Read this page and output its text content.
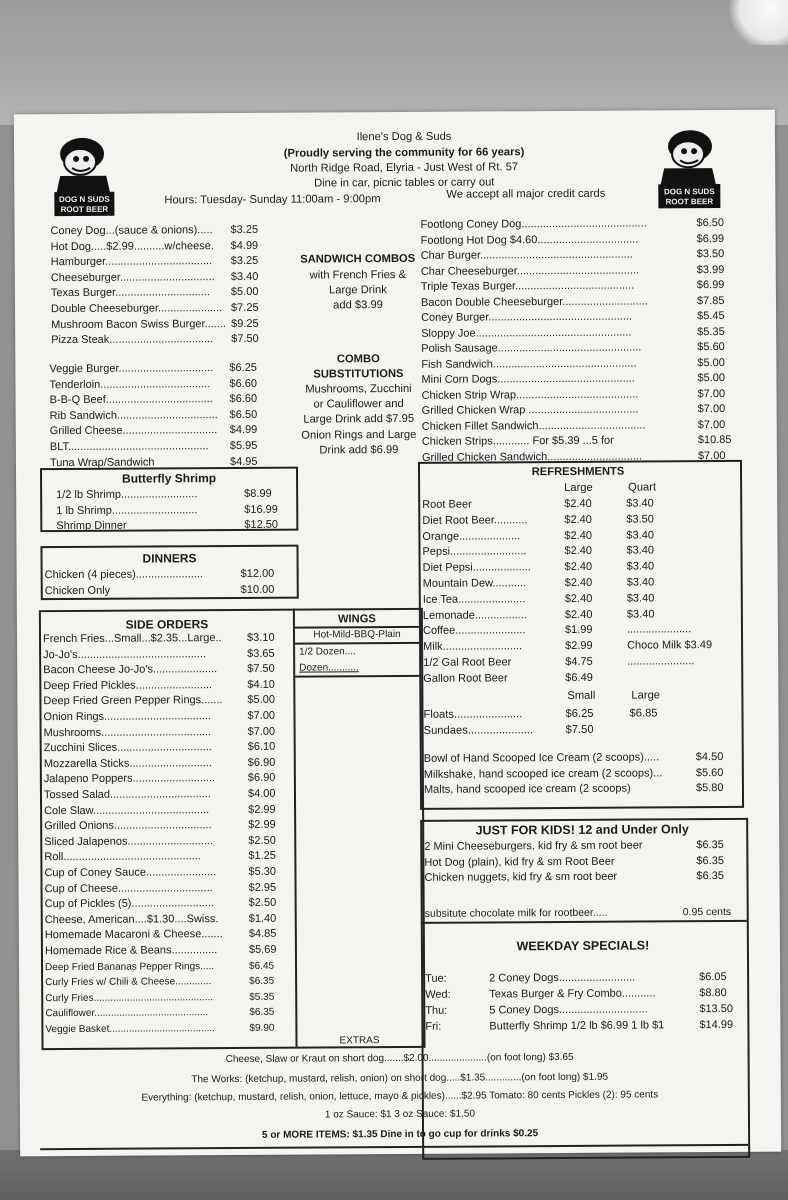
DOG N SUDS
ROOT BEER
DOG N SUDS
ROOT BEER
Ilene's Dog & Suds
(Proudly serving the community for 66 years)
North Ridge Road, Elyria - Just West of Rt. 57
Dine in car, picnic tables or carry out
Hours: Tuesday- Sunday 11:00am - 9:00pm	We accept all major credit cards
SANDWICH COMBOS
with French Fries &
Large Drink
add $3.99
COMBO
SUBSTITUTIONS
Mushrooms, Zucchini
or Cauliflower and
Large Drink add $7.95
Onion Rings and Large
Drink add $6.99
Coney Dog...(sauce & onions)..... $3.25
Hot Dog.....$2.99..........w/cheese. $4.99
Hamburger................................... $3.25
Cheeseburger............................... $3.40
Texas Burger............................... $5.00
Double Cheeseburger..................... $7.25
Mushroom Bacon Swiss Burger....... $9.25
Pizza Steak.................................. $7.50
Veggie Burger............................... $6.25
Tenderloin.................................... $6.60
B-B-Q Beef................................... $6.60
Rib Sandwich................................. $6.50
Grilled Cheese............................... $4.99
BLT.............................................. $5.95
Tuna Wrap/Sandwich	$4.95
Footlong Coney Dog.........................................	$6.50
Footlong Hot Dog $4.60.................................	$6.99
Char Burger..................................................	$3.50
Char Cheeseburger........................................	$3.99
Triple Texas Burger.......................................	$6.99
Bacon Double Cheeseburger............................	$7.85
Coney Burger...............................................	$5.45
Sloppy Joe...................................................	$5.35
Polish Sausage...............................................	$5.60
Fish Sandwich...............................................	$5.00
Mini Corn Dogs.............................................	$5.00
Chicken Strip Wrap........................................	$7.00
Grilled Chicken Wrap ....................................	$7.00
Chicken Fillet Sandwich...................................	$7.00
Chicken Strips............ For $5.39 ...5 for	$10.85
Grilled Chicken Sandwich...............................	$7.00
Butterfly Shrimp
1/2 lb Shrimp.........................	$8.99
1 lb Shrimp............................	$16.99
Shrimp Dinner	$12.50
DINNERS
Chicken (4 pieces)......................	$12.00
Chicken Only	$10.00
SIDE ORDERS
French Fries...Small...$2.35...Large.. $3.10
Jo-Jo's..........................................	$3.65
Bacon Cheese Jo-Jo's.....................	$7.50
Deep Fried Pickles.........................	$4.10
Deep Fried Green Pepper Rings....... $5.00
Onion Rings...................................	$7.00
Mushrooms....................................	$7.00
Zucchini Slices...............................	$6.10
Mozzarella Sticks...........................	$6.90
Jalapeno Poppers...........................	$6.90
Tossed Salad.................................	$4.00
Cole Slaw......................................	$2.99
Grilled Onions................................	$2.99
Sliced Jalapenos............................	$2.50
Roll.............................................	$1.25
Cup of Coney Sauce.......................	$5.30
Cup of Cheese...............................	$2.95
Cup of Pickles (5)...........................	$2.50
Cheese, American....$1.30....Swiss.	$1.40
Homemade Macaroni & Cheese....... $4.85
Homemade Rice & Beans...............	$5.69
Deep Fried Bananas Pepper Rings.....	$6.45
Curly Fries w/ Chili & Cheese.............	$6.35
Curly Fries...........................................	$5.35
Cauliflower.........................................	$6.35
Veggie Basket......................................	$9.90
WINGS
Hot-Mild-BBQ-Plain
1/2 Dozen....
Dozen...........
REFRESHMENTS
Large	Quart
Root Beer	$2.40	$3.40
Diet Root Beer...........	$2.40	$3.50
Orange....................	$2.40	$3.40
Pepsi.........................	$2.40	$3.40
Diet Pepsi...................	$2.40	$3.40
Mountain Dew...........	$2.40	$3.40
Ice Tea......................	$2.40	$3.40
Lemonade.................	$2.40	$3.40
Coffee.......................	$1.99	.....................
Milk..........................	$2.99	Choco Milk $3.49
1/2 Gal Root Beer	$4.75	......................
Gallon Root Beer	$6.49
Small	Large
Floats......................	$6.25	$6.85
Sundaes.....................	$7.50
Bowl of Hand Scooped Ice Cream (2 scoops).....	$4.50
Milkshake, hand scooped ice cream (2 scoops)...	$5.60
Malts, hand scooped ice cream (2 scoops)	$5.80
JUST FOR KIDS! 12 and Under Only
2 Mini Cheeseburgers, kid fry & sm root beer	$6.35
Hot Dog (plain), kid fry & sm Root Beer	$6.35
Chicken nuggets, kid fry & sm root beer	$6.35
subsitute chocolate milk for rootbeer.....	0.95 cents
WEEKDAY SPECIALS!
Tue:	2 Coney Dogs.........................	$6.05
Wed:	Texas Burger & Fry Combo...........	$8.80
Thu:	5 Coney Dogs.............................	$13.50
Fri:	Butterfly Shrimp 1/2 lb $6.99 1 lb $1	$14.99
EXTRAS
Cheese, Slaw or Kraut on short dog.......$2.00.....................(on foot long) $3.65
The Works: (ketchup, mustard, relish, onion) on short dog.....$1.35.............(on foot long) $1.95
Everything: (ketchup, mustard, relish, onion, lettuce, mayo & pickles)......$2.95 Tomato: 80 cents Pickles (2): 95 cents
1 oz Sauce: $1 3 oz Sauce: $1.50
5 or MORE ITEMS: $1.35 Dine in to go cup for drinks $0.25
